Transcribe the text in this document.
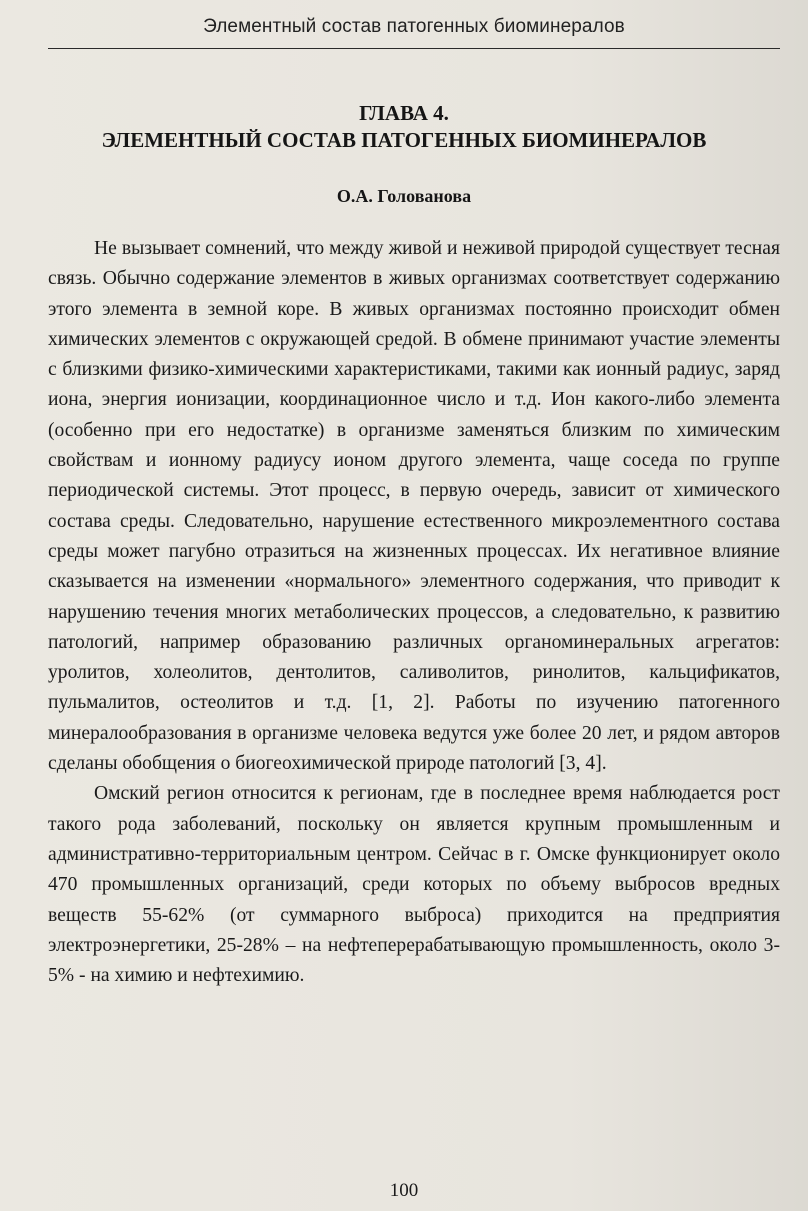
Элементный состав патогенных биоминералов
ГЛАВА 4.
ЭЛЕМЕНТНЫЙ СОСТАВ ПАТОГЕННЫХ БИОМИНЕРАЛОВ
О.А. Голованова

Не вызывает сомнений, что между живой и неживой природой существует тесная связь. Обычно содержание элементов в живых организмах соответствует содержанию этого элемента в земной коре. В живых организмах постоянно происходит обмен химических элементов с окружающей средой. В обмене принимают участие элементы с близкими физико-химическими характеристиками, такими как ионный радиус, заряд иона, энергия ионизации, координационное число и т.д. Ион какого-либо элемента (особенно при его недостатке) в организме заменяться близким по химическим свойствам и ионному радиусу ионом другого элемента, чаще соседа по группе периодической системы. Этот процесс, в первую очередь, зависит от химического состава среды. Следовательно, нарушение естественного микроэлементного состава среды может пагубно отразиться на жизненных процессах. Их негативное влияние сказывается на изменении «нормального» элементного содержания, что приводит к нарушению течения многих метаболических процессов, а следовательно, к развитию патологий, например образованию различных органоминеральных агрегатов: уролитов, холеолитов, дентолитов, саливолитов, ринолитов, кальцификатов, пульмалитов, остеолитов и т.д. [1, 2]. Работы по изучению патогенного минералообразования в организме человека ведутся уже более 20 лет, и рядом авторов сделаны обобщения о биогеохимической природе патологий [3, 4].

Омский регион относится к регионам, где в последнее время наблюдается рост такого рода заболеваний, поскольку он является крупным промышленным и административно-территориальным центром. Сейчас в г. Омске функционирует около 470 промышленных организаций, среди которых по объему выбросов вредных веществ 55-62% (от суммарного выброса) приходится на предприятия электроэнергетики, 25-28% – на нефтеперерабатывающую промышленность, около 3-5% - на химию и нефтехимию.

100
